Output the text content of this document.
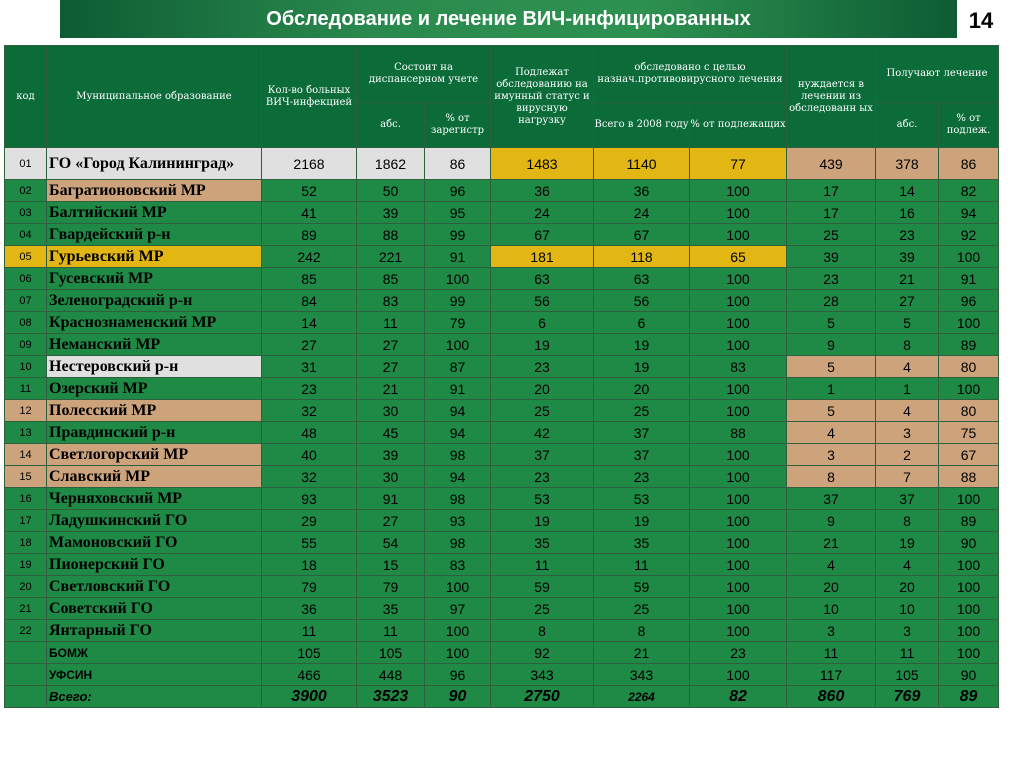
Обследование и лечение ВИЧ-инфицированных	14
код	Муниципальное образование	Кол-во больных ВИЧ-инфекцией	Состоит на диспансерном учете		Подлежат обследованию на имунный статус и вирусную нагрузку	обследовано с целью назнач.противовирусного лечения		нуждается в лечении из обследованн ых	Получают лечение	
			абс.	% от зарегистр		Всего в 2008 году	% от подлежащих		абс.	% от подлеж.
01	ГО «Город Калининград»	2168	1862	86	1483	1140	77	439	378	86
02	Багратионовский МР	52	50	96	36	36	100	17	14	82
03	Балтийский МР	41	39	95	24	24	100	17	16	94
04	Гвардейский р-н	89	88	99	67	67	100	25	23	92
05	Гурьевский МР	242	221	91	181	118	65	39	39	100
06	Гусевский МР	85	85	100	63	63	100	23	21	91
07	Зеленоградский р-н	84	83	99	56	56	100	28	27	96
08	Краснознаменский МР	14	11	79	6	6	100	5	5	100
09	Неманский МР	27	27	100	19	19	100	9	8	89
10	Нестеровский р-н	31	27	87	23	19	83	5	4	80
11	Озерский МР	23	21	91	20	20	100	1	1	100
12	Полесский МР	32	30	94	25	25	100	5	4	80
13	Правдинский р-н	48	45	94	42	37	88	4	3	75
14	Светлогорский МР	40	39	98	37	37	100	3	2	67
15	Славский МР	32	30	94	23	23	100	8	7	88
16	Черняховский МР	93	91	98	53	53	100	37	37	100
17	Ладушкинский ГО	29	27	93	19	19	100	9	8	89
18	Мамоновский ГО	55	54	98	35	35	100	21	19	90
19	Пионерский ГО	18	15	83	11	11	100	4	4	100
20	Светловский ГО	79	79	100	59	59	100	20	20	100
21	Советский ГО	36	35	97	25	25	100	10	10	100
22	Янтарный ГО	11	11	100	8	8	100	3	3	100
	БОМЖ	105	105	100	92	21	23	11	11	100
	УФСИН	466	448	96	343	343	100	117	105	90
	Всего:	3900	3523	90	2750	2264	82	860	769	89
